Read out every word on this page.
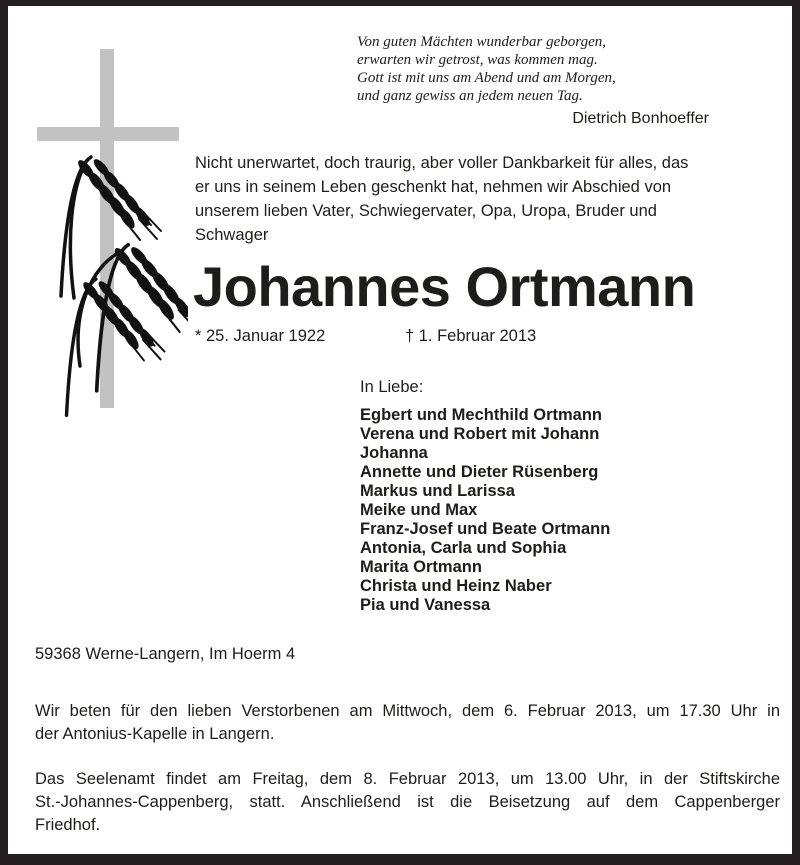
Von guten Mächten wunderbar geborgen,
erwarten wir getrost, was kommen mag.
Gott ist mit uns am Abend und am Morgen,
und ganz gewiss an jedem neuen Tag.
Dietrich Bonhoeffer
Nicht unerwartet, doch traurig, aber voller Dankbarkeit für alles, das
er uns in seinem Leben geschenkt hat, nehmen wir Abschied von
unserem lieben Vater, Schwiegervater, Opa, Uropa, Bruder und
Schwager
Johannes Ortmann
* 25. Januar 1922	† 1. Februar 2013
In Liebe:
Egbert und Mechthild Ortmann
Verena und Robert mit Johann
Johanna
Annette und Dieter Rüsenberg
Markus und Larissa
Meike und Max
Franz-Josef und Beate Ortmann
Antonia, Carla und Sophia
Marita Ortmann
Christa und Heinz Naber
Pia und Vanessa
59368 Werne-Langern, Im Hoerm 4
Wir beten für den lieben Verstorbenen am Mittwoch, dem 6. Februar 2013, um 17.30 Uhr in
der Antonius-Kapelle in Langern.
Das Seelenamt findet am Freitag, dem 8. Februar 2013, um 13.00 Uhr, in der Stiftskirche
St.-Johannes-Cappenberg, statt. Anschließend ist die Beisetzung auf dem Cappenberger
Friedhof.
